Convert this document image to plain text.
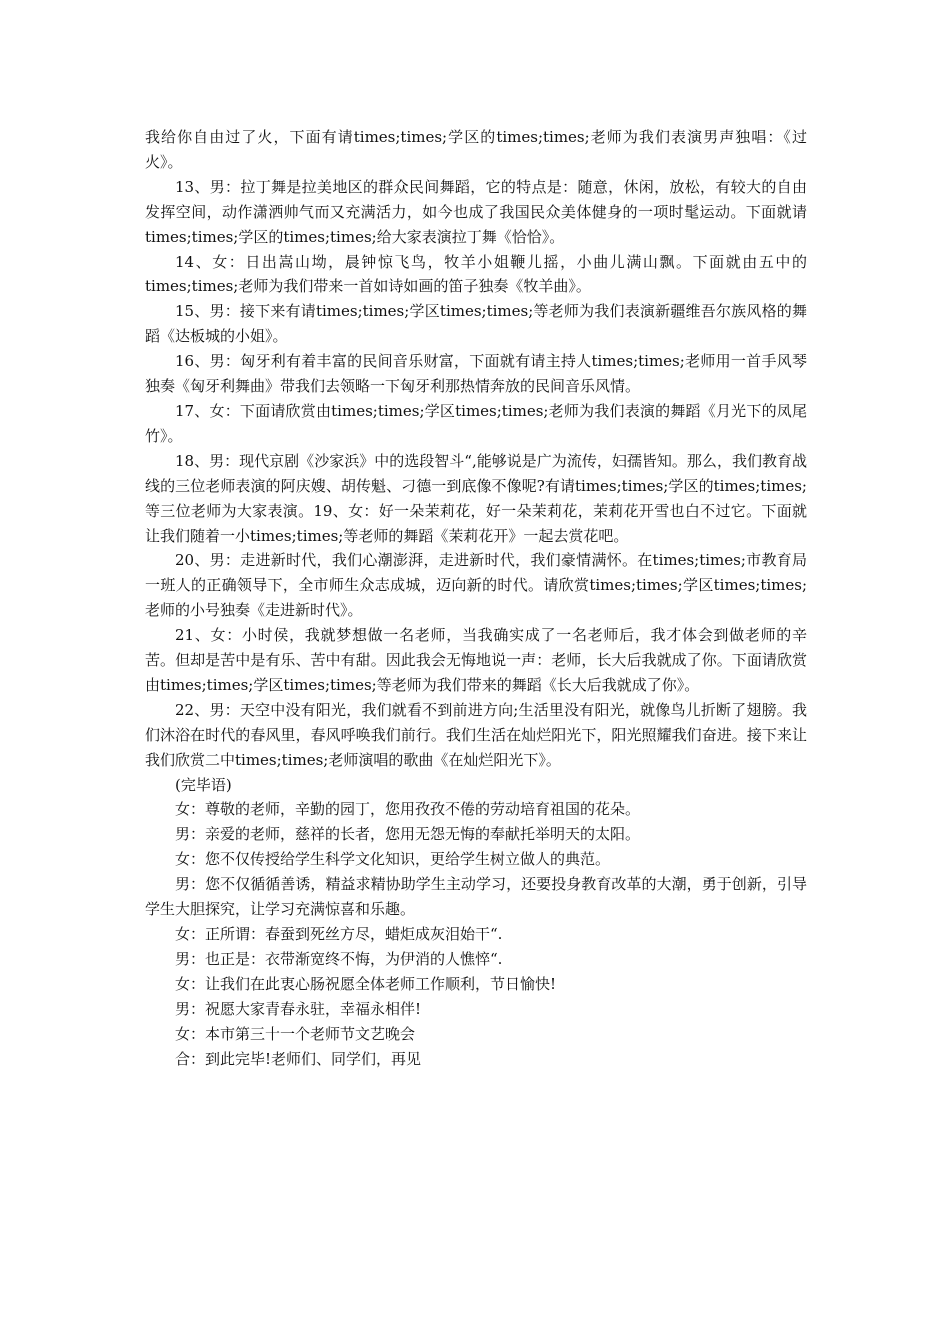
我给你自由过了火，下面有请times;times;学区的times;times;老师为我们表演男声独唱：《过火》。

13、男：拉丁舞是拉美地区的群众民间舞蹈，它的特点是：随意，休闲，放松，有较大的自由发挥空间，动作潇洒帅气而又充满活力，如今也成了我国民众美体健身的一项时髦运动。下面就请times;times;学区的times;times;给大家表演拉丁舞《恰恰》。

14、女：日出嵩山坳，晨钟惊飞鸟，牧羊小姐鞭儿摇，小曲儿满山飘。下面就由五中的times;times;老师为我们带来一首如诗如画的笛子独奏《牧羊曲》。

15、男：接下来有请times;times;学区times;times;等老师为我们表演新疆维吾尔族风格的舞蹈《达板城的小姐》。

16、男：匈牙利有着丰富的民间音乐财富，下面就有请主持人times;times;老师用一首手风琴独奏《匈牙利舞曲》带我们去领略一下匈牙利那热情奔放的民间音乐风情。

17、女：下面请欣赏由times;times;学区times;times;老师为我们表演的舞蹈《月光下的凤尾竹》。

18、男：现代京剧《沙家浜》中的选段智斗“,能够说是广为流传，妇孺皆知。那么，我们教育战线的三位老师表演的阿庆嫂、胡传魁、刁德一到底像不像呢?有请times;times;学区的times;times;等三位老师为大家表演。19、女：好一朵茉莉花，好一朵茉莉花，茉莉花开雪也白不过它。下面就让我们随着一小times;times;等老师的舞蹈《茉莉花开》一起去赏花吧。

20、男：走进新时代，我们心潮澎湃，走进新时代，我们豪情满怀。在times;times;市教育局一班人的正确领导下，全市师生众志成城，迈向新的时代。请欣赏times;times;学区times;times;老师的小号独奏《走进新时代》。

21、女：小时侯，我就梦想做一名老师，当我确实成了一名老师后，我才体会到做老师的辛苦。但却是苦中是有乐、苦中有甜。因此我会无悔地说一声：老师，长大后我就成了你。下面请欣赏由times;times;学区times;times;等老师为我们带来的舞蹈《长大后我就成了你》。

22、男：天空中没有阳光，我们就看不到前进方向;生活里没有阳光，就像鸟儿折断了翅膀。我们沐浴在时代的春风里，春风呼唤我们前行。我们生活在灿烂阳光下，阳光照耀我们奋进。接下来让我们欣赏二中times;times;老师演唱的歌曲《在灿烂阳光下》。

(完毕语)

女：尊敬的老师，辛勤的园丁，您用孜孜不倦的劳动培育祖国的花朵。

男：亲爱的老师，慈祥的长者，您用无怨无悔的奉献托举明天的太阳。

女：您不仅传授给学生科学文化知识，更给学生树立做人的典范。

男：您不仅循循善诱，精益求精协助学生主动学习，还要投身教育改革的大潮，勇于创新，引导学生大胆探究，让学习充满惊喜和乐趣。

女：正所谓：春蚕到死丝方尽，蜡炬成灰泪始干“.

男：也正是：衣带渐宽终不悔，为伊消的人憔悴“.

女：让我们在此衷心肠祝愿全体老师工作顺利，节日愉快!

男：祝愿大家青春永驻，幸福永相伴!

女：本市第三十一个老师节文艺晚会

合：到此完毕!老师们、同学们，再见
